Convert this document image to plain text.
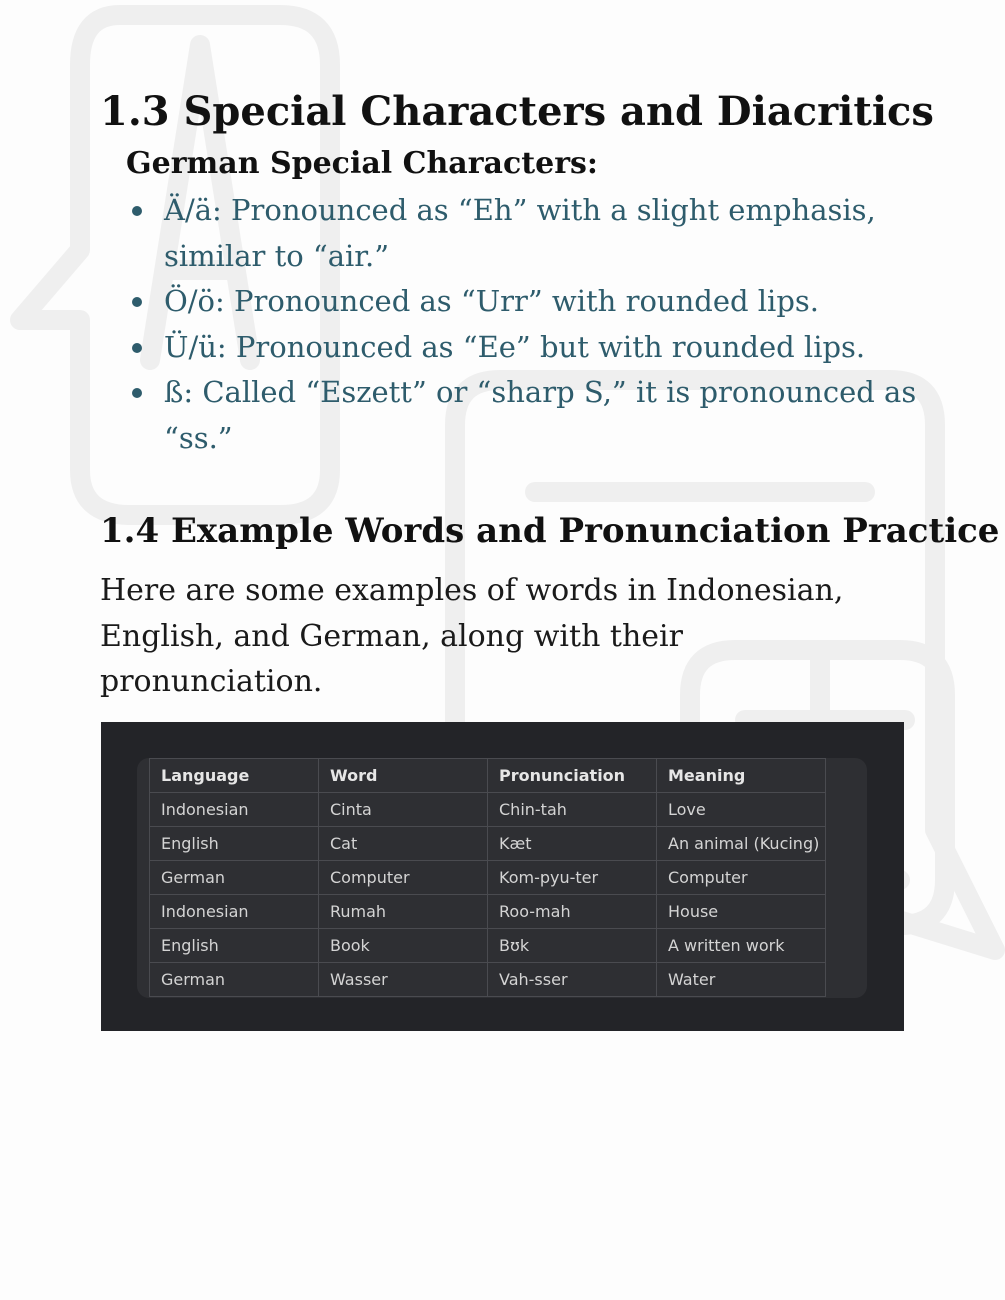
1.3 Special Characters and Diacritics
German Special Characters:
Ä/ä: Pronounced as “Eh” with a slight emphasis, similar to “air.”
Ö/ö: Pronounced as “Urr” with rounded lips.
Ü/ü: Pronounced as “Ee” but with rounded lips.
ß: Called “Eszett” or “sharp S,” it is pronounced as “ss.”
1.4 Example Words and Pronunciation Practice

Here are some examples of words in Indonesian, English, and German, along with their pronunciation.

Language	Word	Pronunciation	Meaning
Indonesian	Cinta	Chin-tah	Love
English	Cat	Kæt	An animal (Kucing)
German	Computer	Kom-pyu-ter	Computer
Indonesian	Rumah	Roo-mah	House
English	Book	Bʊk	A written work
German	Wasser	Vah-sser	Water
